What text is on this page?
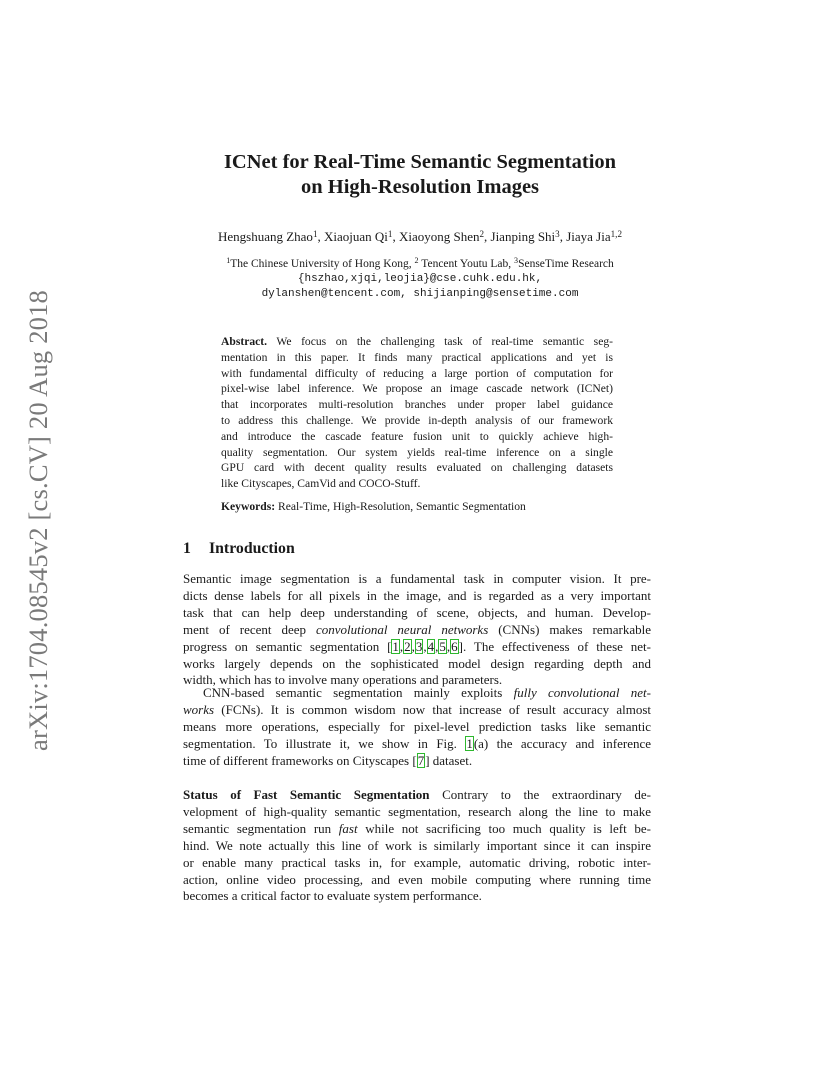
arXiv:1704.08545v2 [cs.CV] 20 Aug 2018
ICNet for Real-Time Semantic Segmentation
on High-Resolution Images
Hengshuang Zhao$^1$, Xiaojuan Qi$^1$, Xiaoyong Shen$^2$, Jianping Shi$^3$, Jiaya Jia$^{1,2}$
$^1$The Chinese University of Hong Kong, $^2$ Tencent Youtu Lab, $^3$SenseTime Research
{hszhao,xjqi,leojia}@cse.cuhk.edu.hk,
dylanshen@tencent.com, shijianping@sensetime.com
Abstract. We focus on the challenging task of real-time semantic seg-
mentation in this paper. It finds many practical applications and yet is
with fundamental difficulty of reducing a large portion of computation for
pixel-wise label inference. We propose an image cascade network (ICNet)
that incorporates multi-resolution branches under proper label guidance
to address this challenge. We provide in-depth analysis of our framework
and introduce the cascade feature fusion unit to quickly achieve high-
quality segmentation. Our system yields real-time inference on a single
GPU card with decent quality results evaluated on challenging datasets
like Cityscapes, CamVid and COCO-Stuff.
Keywords: Real-Time, High-Resolution, Semantic Segmentation
1 Introduction
Semantic image segmentation is a fundamental task in computer vision. It pre-
dicts dense labels for all pixels in the image, and is regarded as a very important
task that can help deep understanding of scene, objects, and human. Develop-
ment of recent deep convolutional neural networks (CNNs) makes remarkable
progress on semantic segmentation [1,2,3,4,5,6]. The effectiveness of these net-
works largely depends on the sophisticated model design regarding depth and
width, which has to involve many operations and parameters.
CNN-based semantic segmentation mainly exploits fully convolutional net-
works (FCNs). It is common wisdom now that increase of result accuracy almost
means more operations, especially for pixel-level prediction tasks like semantic
segmentation. To illustrate it, we show in Fig. 1(a) the accuracy and inference
time of different frameworks on Cityscapes [7] dataset.
Status of Fast Semantic Segmentation Contrary to the extraordinary de-
velopment of high-quality semantic segmentation, research along the line to make
semantic segmentation run fast while not sacrificing too much quality is left be-
hind. We note actually this line of work is similarly important since it can inspire
or enable many practical tasks in, for example, automatic driving, robotic inter-
action, online video processing, and even mobile computing where running time
becomes a critical factor to evaluate system performance.
